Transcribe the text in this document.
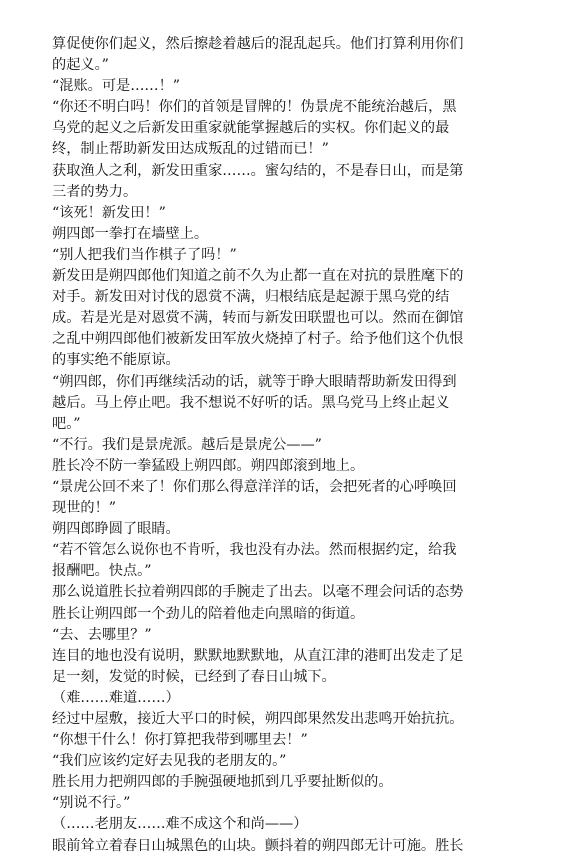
算促使你们起义，然后擦趁着越后的混乱起兵。他们打算利用你们
的起义。”
“混账。可是……！”
“你还不明白吗！你们的首领是冒牌的！伪景虎不能统治越后，黑
乌党的起义之后新发田重家就能掌握越后的实权。你们起义的最
终，制止帮助新发田达成叛乱的过错而已！”
获取渔人之利，新发田重家……。蜜勾结的，不是春日山，而是第
三者的势力。
“该死！新发田！”
朔四郎一拳打在墙壁上。
“别人把我们当作棋子了吗！”
新发田是朔四郎他们知道之前不久为止都一直在对抗的景胜麾下的
对手。新发田对讨伐的恩赏不满，归根结底是起源于黑乌党的结
成。若是光是对恩赏不满，转而与新发田联盟也可以。然而在御馆
之乱中朔四郎他们被新发田军放火烧掉了村子。给予他们这个仇恨
的事实绝不能原谅。
“朔四郎，你们再继续活动的话，就等于睁大眼睛帮助新发田得到
越后。马上停止吧。我不想说不好听的话。黑乌党马上终止起义
吧。”
“不行。我们是景虎派。越后是景虎公——”
胜长冷不防一拳猛殴上朔四郎。朔四郎滚到地上。
“景虎公回不来了！你们那么得意洋洋的话，会把死者的心呼唤回
现世的！”
朔四郎睁圆了眼睛。
“若不管怎么说你也不肯听，我也没有办法。然而根据约定，给我
报酬吧。快点。”
那么说道胜长拉着朔四郎的手腕走了出去。以毫不理会问话的态势
胜长让朔四郎一个劲儿的陪着他走向黑暗的街道。
“去、去哪里？”
连目的地也没有说明，默默地默默地，从直江津的港町出发走了足
足一刻，发觉的时候，已经到了春日山城下。
（难……难道……）
经过中屋敷，接近大平口的时候，朔四郎果然发出悲鸣开始抗抗。
“你想干什么！你打算把我带到哪里去！”
“我们应该约定好去见我的老朋友的。”
胜长用力把朔四郎的手腕强硬地抓到几乎要扯断似的。
“别说不行。”
（……老朋友……难不成这个和尚——）
眼前耸立着春日山城黑色的山块。颤抖着的朔四郎无计可施。胜长
